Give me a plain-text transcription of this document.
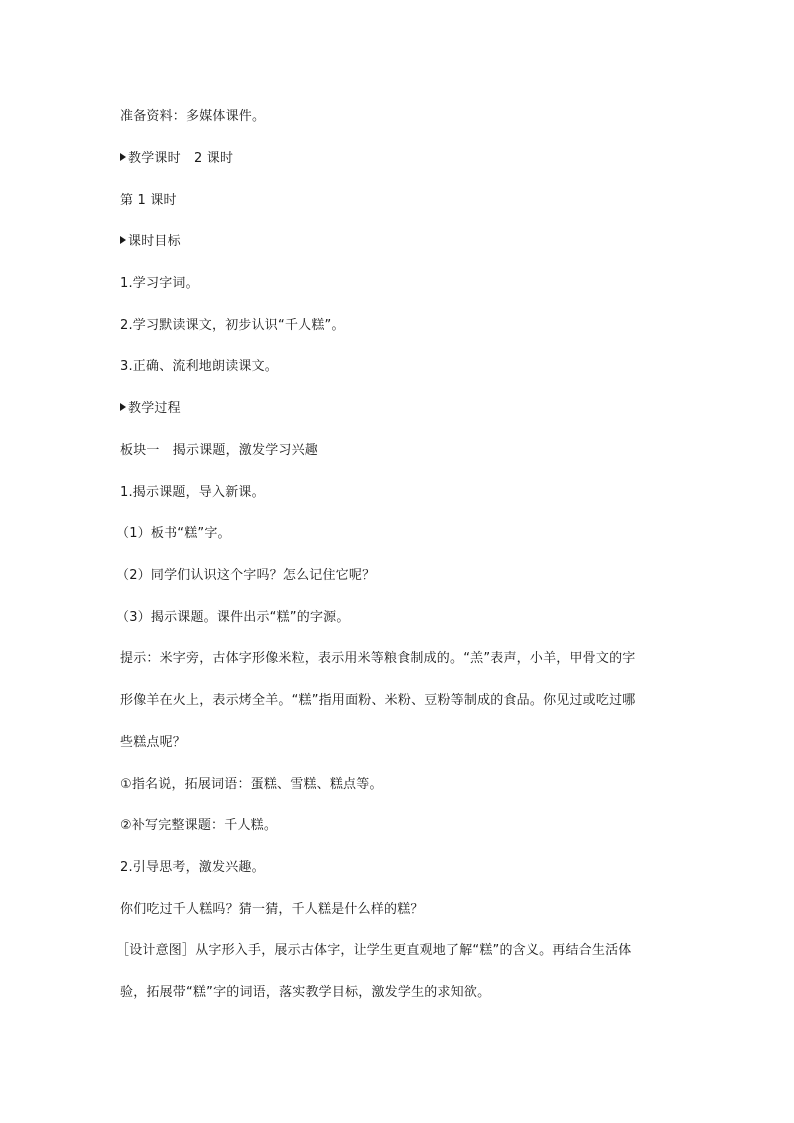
准备资料：多媒体课件。
教学课时　2 课时
第 1 课时
课时目标
1.学习字词。
2.学习默读课文，初步认识“千人糕”。
3.正确、流利地朗读课文。
教学过程
板块一　揭示课题，激发学习兴趣
1.揭示课题，导入新课。
（1）板书“糕”字。
（2）同学们认识这个字吗？怎么记住它呢？
（3）揭示课题。课件出示“糕”的字源。
提示：米字旁，古体字形像米粒，表示用米等粮食制成的。“羔”表声，小羊，甲骨文的字
形像羊在火上，表示烤全羊。“糕”指用面粉、米粉、豆粉等制成的食品。你见过或吃过哪
些糕点呢？
①指名说，拓展词语：蛋糕、雪糕、糕点等。
②补写完整课题：千人糕。
2.引导思考，激发兴趣。
你们吃过千人糕吗？猜一猜，千人糕是什么样的糕？
［设计意图］从字形入手，展示古体字，让学生更直观地了解“糕”的含义。再结合生活体
验，拓展带“糕”字的词语，落实教学目标，激发学生的求知欲。
